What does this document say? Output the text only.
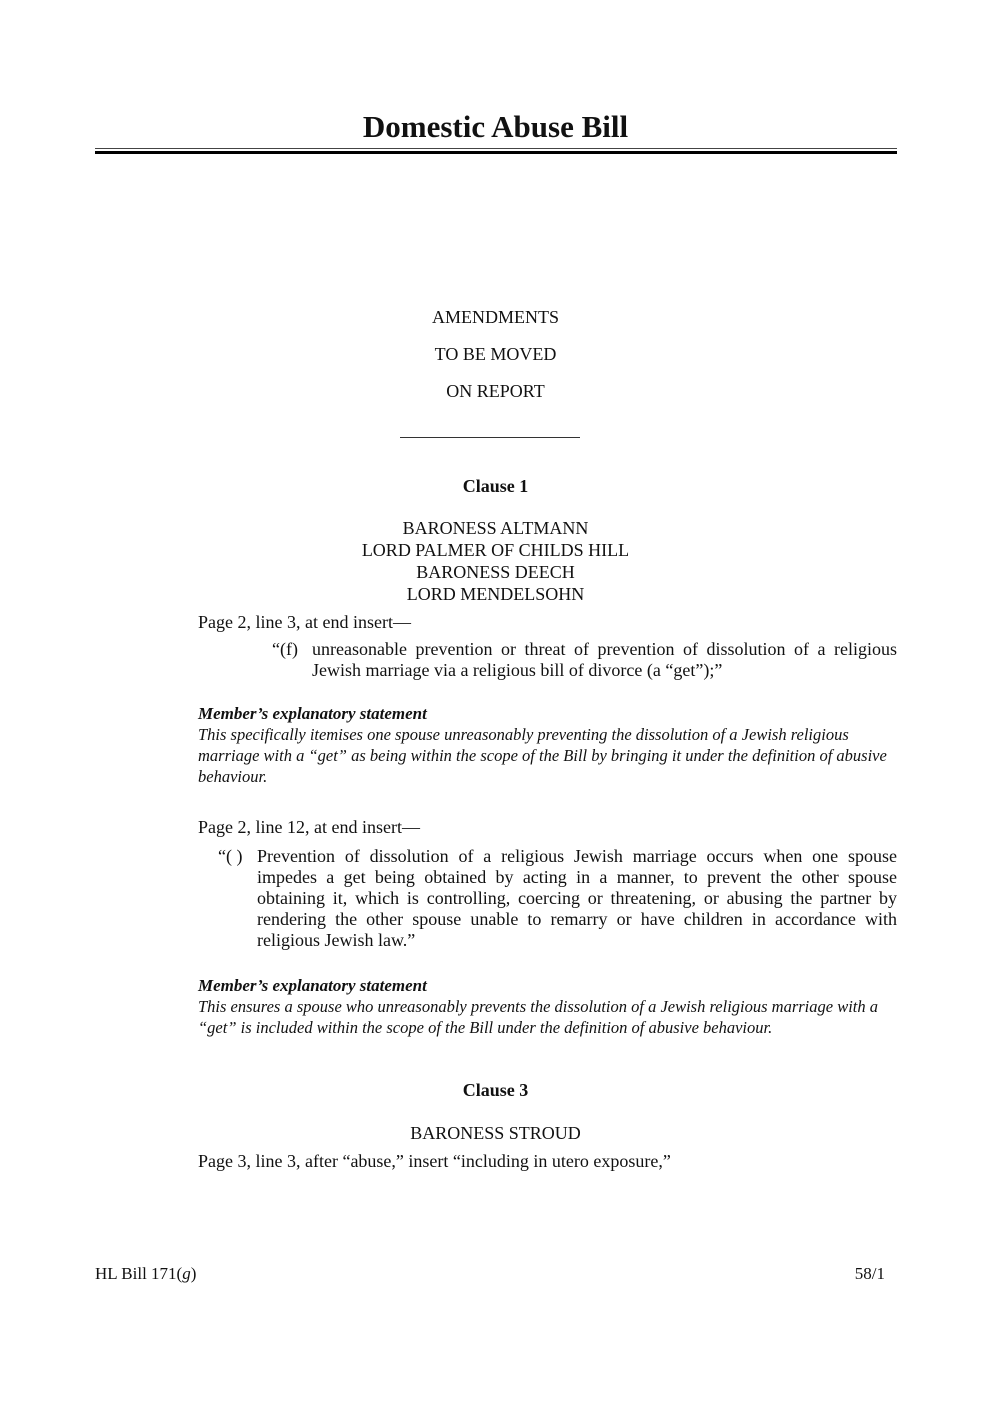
Domestic Abuse Bill
AMENDMENTS
TO BE MOVED
ON REPORT
Clause 1
BARONESS ALTMANN
LORD PALMER OF CHILDS HILL
BARONESS DEECH
LORD MENDELSOHN
Page 2, line 3, at end insert—
“(f) unreasonable prevention or threat of prevention of dissolution of a religious Jewish marriage via a religious bill of divorce (a “get”);”
Member’s explanatory statement
This specifically itemises one spouse unreasonably preventing the dissolution of a Jewish religious marriage with a “get” as being within the scope of the Bill by bringing it under the definition of abusive behaviour.
Page 2, line 12, at end insert—
“( ) Prevention of dissolution of a religious Jewish marriage occurs when one spouse impedes a get being obtained by acting in a manner, to prevent the other spouse obtaining it, which is controlling, coercing or threatening, or abusing the partner by rendering the other spouse unable to remarry or have children in accordance with religious Jewish law.”
Member’s explanatory statement
This ensures a spouse who unreasonably prevents the dissolution of a Jewish religious marriage with a “get” is included within the scope of the Bill under the definition of abusive behaviour.
Clause 3
BARONESS STROUD
Page 3, line 3, after “abuse,” insert “including in utero exposure,”
HL Bill 171(g)	58/1
